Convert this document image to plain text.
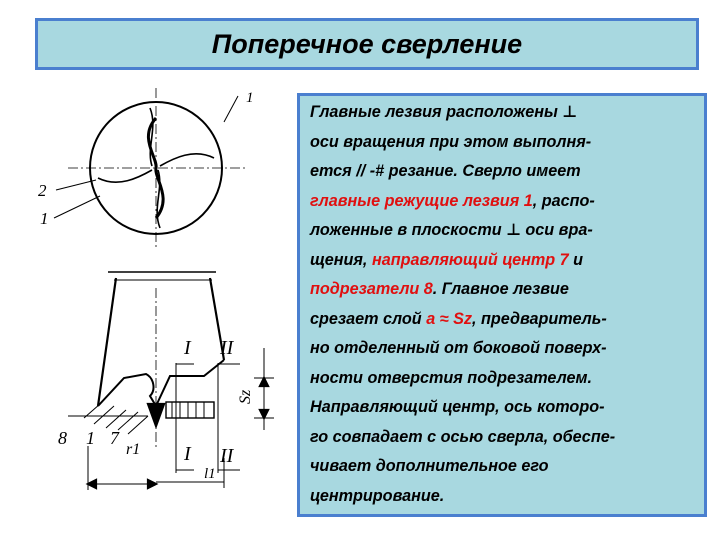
Поперечное сверление
1
2
1
I II
I II
Sz
8 1 7
r1
l1
Главные лезвия расположены ⊥
оси вращения при этом выполня-
ется // -# резание. Сверло имеет
главные режущие лезвия 1, распо-
ложенные в плоскости ⊥ оси вра-
щения, направляющий центр 7 и
подрезатели 8. Главное лезвие
срезает слой а ≈ Sz, предваритель-
но отделенный от боковой поверх-
ности отверстия подрезателем.
Направляющий центр, ось которо-
го совпадает с осью сверла, обеспе-
чивает дополнительное его
центрирование.
